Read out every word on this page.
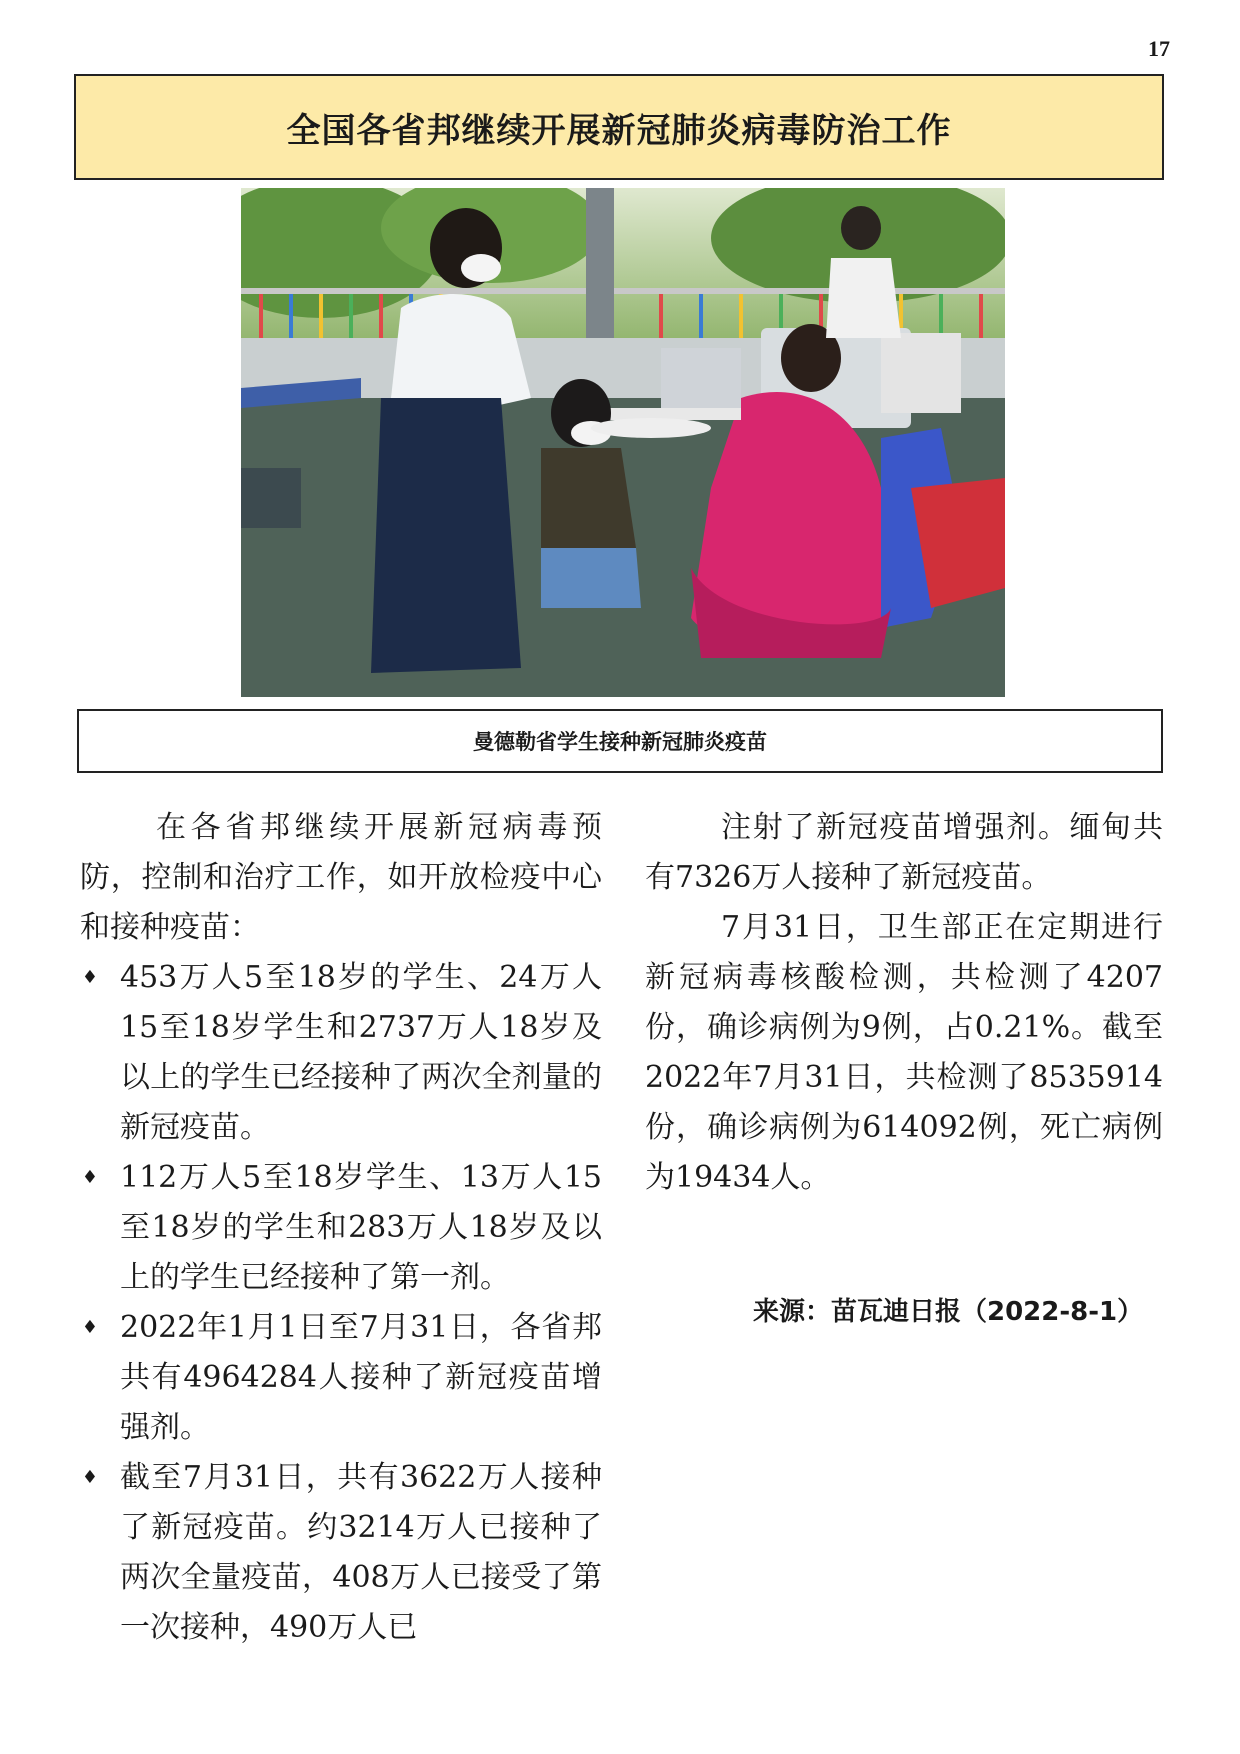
17
全国各省邦继续开展新冠肺炎病毒防治工作
曼德勒省学生接种新冠肺炎疫苗

在各省邦继续开展新冠病毒预防，控制和治疗工作，如开放检疫中心和接种疫苗：

♦ 453万人5至18岁的学生、24万人15至18岁学生和2737万人18岁及以上的学生已经接种了两次全剂量的新冠疫苗。
♦ 112万人5至18岁学生、13万人15至18岁的学生和283万人18岁及以上的学生已经接种了第一剂。
♦ 2022年1月1日至7月31日，各省邦共有4964284人接种了新冠疫苗增强剂。
♦ 截至7月31日，共有3622万人接种了新冠疫苗。约3214万人已接种了两次全量疫苗，408万人已接受了第一次接种，490万人已

注射了新冠疫苗增强剂。缅甸共有7326万人接种了新冠疫苗。

7月31日，卫生部正在定期进行新冠病毒核酸检测，共检测了4207份，确诊病例为9例，占0.21%。截至2022年7月31日，共检测了8535914份，确诊病例为614092例，死亡病例为19434人。

来源：苗瓦迪日报（2022-8-1）
